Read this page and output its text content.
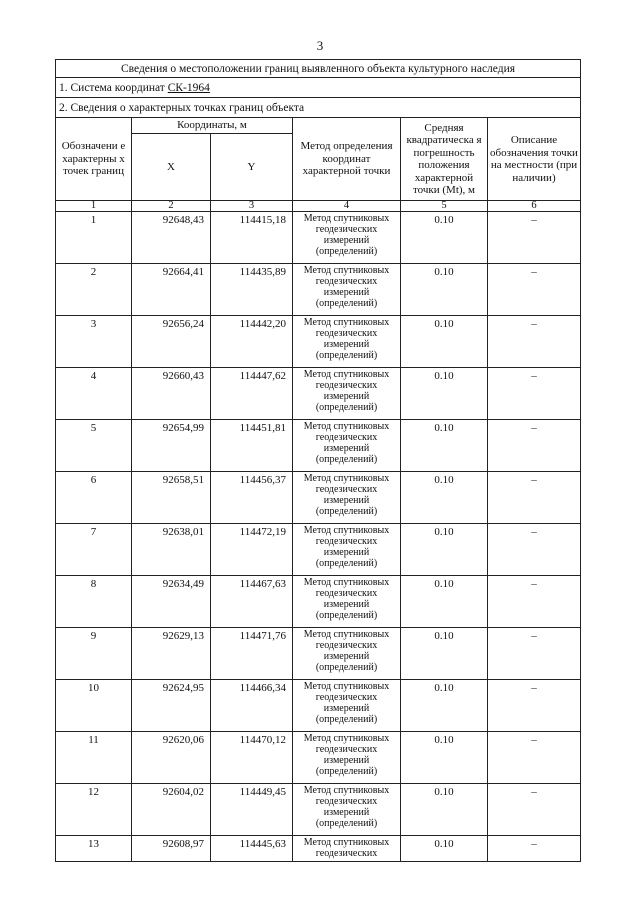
3
Сведения о местоположении границ выявленного объекта культурного наследия					
1. Система координат СК-1964					
2. Сведения о характерных точках границ объекта					
Обозначени е характерны х точек границ	Координаты, м		Метод определения координат характерной точки	Средняя квадратическа я погрешность положения характерной точки (Mt), м	Описание обозначения точки на местности (при наличии)
	X	Y			
1	2	3	4	5	6
1	92648,43	114415,18	Метод спутниковых геодезических измерений (определений)	0.10	–
2	92664,41	114435,89	Метод спутниковых геодезических измерений (определений)	0.10	–
3	92656,24	114442,20	Метод спутниковых геодезических измерений (определений)	0.10	–
4	92660,43	114447,62	Метод спутниковых геодезических измерений (определений)	0.10	–
5	92654,99	114451,81	Метод спутниковых геодезических измерений (определений)	0.10	–
6	92658,51	114456,37	Метод спутниковых геодезических измерений (определений)	0.10	–
7	92638,01	114472,19	Метод спутниковых геодезических измерений (определений)	0.10	–
8	92634,49	114467,63	Метод спутниковых геодезических измерений (определений)	0.10	–
9	92629,13	114471,76	Метод спутниковых геодезических измерений (определений)	0.10	–
10	92624,95	114466,34	Метод спутниковых геодезических измерений (определений)	0.10	–
11	92620,06	114470,12	Метод спутниковых геодезических измерений (определений)	0.10	–
12	92604,02	114449,45	Метод спутниковых геодезических измерений (определений)	0.10	–
13	92608,97	114445,63	Метод спутниковых геодезических	0.10	–
